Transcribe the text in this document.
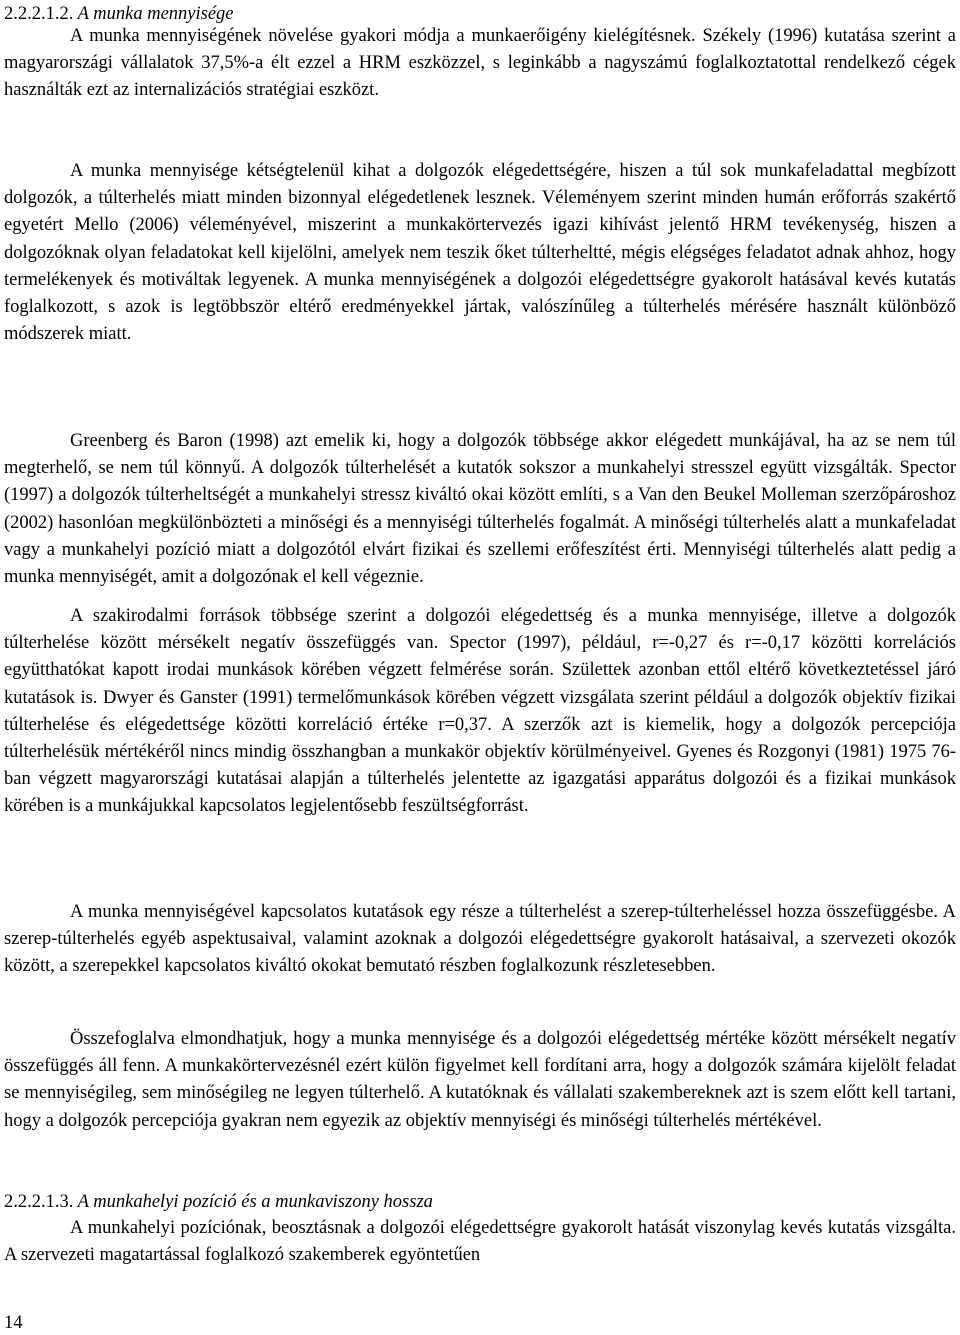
2.2.2.1.2. A munka mennyisége

A munka mennyiségének növelése gyakori módja a munkaerőigény kielégítésnek. Székely (1996) kutatása szerint a magyarországi vállalatok 37,5%-a élt ezzel a HRM eszközzel, s leginkább a nagyszámú foglalkoztatottal rendelkező cégek használták ezt az internalizációs stratégiai eszközt.

A munka mennyisége kétségtelenül kihat a dolgozók elégedettségére, hiszen a túl sok munkafeladattal megbízott dolgozók, a túlterhelés miatt minden bizonnyal elégedetlenek lesznek. Véleményem szerint minden humán erőforrás szakértő egyetért Mello (2006) véleményével, miszerint a munkakörtervezés igazi kihívást jelentő HRM tevékenység, hiszen a dolgozóknak olyan feladatokat kell kijelölni, amelyek nem teszik őket túlterheltté, mégis elégséges feladatot adnak ahhoz, hogy termelékenyek és motiváltak legyenek. A munka mennyiségének a dolgozói elégedettségre gyakorolt hatásával kevés kutatás foglalkozott, s azok is legtöbbször eltérő eredményekkel jártak, valószínűleg a túlterhelés mérésére használt különböző módszerek miatt.

Greenberg és Baron (1998) azt emelik ki, hogy a dolgozók többsége akkor elégedett munkájával, ha az se nem túl megterhelő, se nem túl könnyű. A dolgozók túlterhelését a kutatók sokszor a munkahelyi stresszel együtt vizsgálták. Spector (1997) a dolgozók túlterheltségét a munkahelyi stressz kiváltó okai között említi, s a Van den Beukel Molleman szerzőpároshoz (2002) hasonlóan megkülönbözteti a minőségi és a mennyiségi túlterhelés fogalmát. A minőségi túlterhelés alatt a munkafeladat vagy a munkahelyi pozíció miatt a dolgozótól elvárt fizikai és szellemi erőfeszítést érti. Mennyiségi túlterhelés alatt pedig a munka mennyiségét, amit a dolgozónak el kell végeznie.

A szakirodalmi források többsége szerint a dolgozói elégedettség és a munka mennyisége, illetve a dolgozók túlterhelése között mérsékelt negatív összefüggés van. Spector (1997), például, r=-0,27 és r=-0,17 közötti korrelációs együtthatókat kapott irodai munkások körében végzett felmérése során. Születtek azonban ettől eltérő következtetéssel járó kutatások is. Dwyer és Ganster (1991) termelőmunkások körében végzett vizsgálata szerint például a dolgozók objektív fizikai túlterhelése és elégedettsége közötti korreláció értéke r=0,37. A szerzők azt is kiemelik, hogy a dolgozók percepciója túlterhelésük mértékéről nincs mindig összhangban a munkakör objektív körülményeivel. Gyenes és Rozgonyi (1981) 1975 76-ban végzett magyarországi kutatásai alapján a túlterhelés jelentette az igazgatási apparátus dolgozói és a fizikai munkások körében is a munkájukkal kapcsolatos legjelentősebb feszültségforrást.

A munka mennyiségével kapcsolatos kutatások egy része a túlterhelést a szerep-túlterheléssel hozza összefüggésbe. A szerep-túlterhelés egyéb aspektusaival, valamint azoknak a dolgozói elégedettségre gyakorolt hatásaival, a szervezeti okozók között, a szerepekkel kapcsolatos kiváltó okokat bemutató részben foglalkozunk részletesebben.

Összefoglalva elmondhatjuk, hogy a munka mennyisége és a dolgozói elégedettség mértéke között mérsékelt negatív összefüggés áll fenn. A munkakörtervezésnél ezért külön figyelmet kell fordítani arra, hogy a dolgozók számára kijelölt feladat se mennyiségileg, sem minőségileg ne legyen túlterhelő. A kutatóknak és vállalati szakembereknek azt is szem előtt kell tartani, hogy a dolgozók percepciója gyakran nem egyezik az objektív mennyiségi és minőségi túlterhelés mértékével.

2.2.2.1.3. A munkahelyi pozíció és a munkaviszony hossza

A munkahelyi pozíciónak, beosztásnak a dolgozói elégedettségre gyakorolt hatását viszonylag kevés kutatás vizsgálta. A szervezeti magatartással foglalkozó szakemberek egyöntetűen

14
